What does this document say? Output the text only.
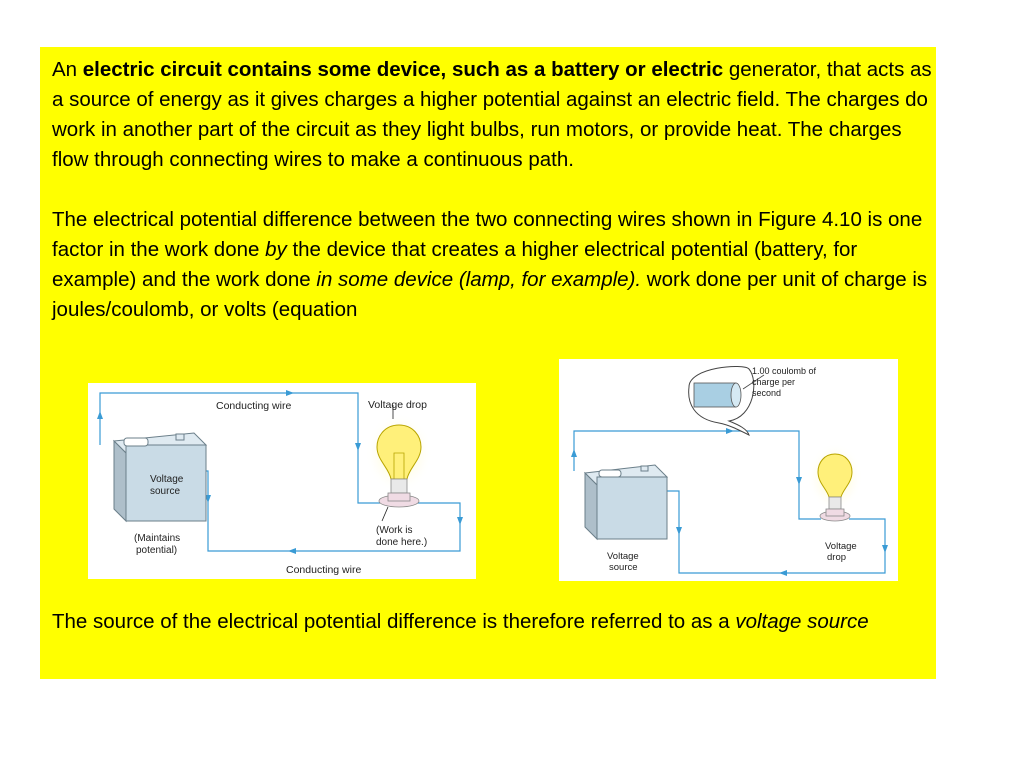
An electric circuit contains some device, such as a battery or electric generator, that acts as a source of energy as it gives charges a higher potential against an electric field. The charges do work in another part of the circuit as they light bulbs, run motors, or provide heat. The charges flow through connecting wires to make a continuous path.

The electrical potential difference between the two connecting wires shown in Figure 4.10 is one factor in the work done by the device that creates a higher electrical potential (battery, for example) and the work done in some device (lamp, for example). work done per unit of charge is joules/coulomb, or volts (equation

Voltage
source
(Maintains
potential)
Conducting wire	Voltage drop
(Work is
done here.)
Conducting wire
1.00 coulomb of
charge per
second
Voltage
source
Voltage
drop

The source of the electrical potential difference is therefore referred to as a voltage source
